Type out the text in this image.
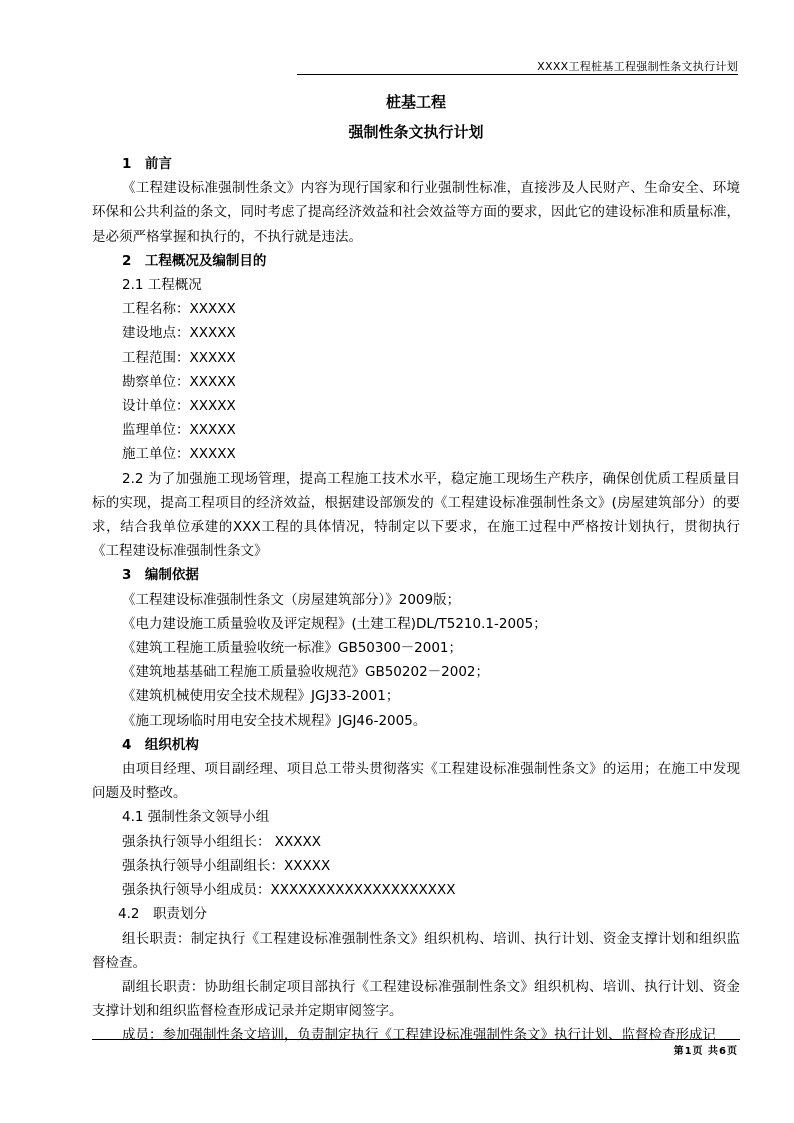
XXXX工程桩基工程强制性条文执行计划
桩基工程
强制性条文执行计划
1　前言
《工程建设标准强制性条文》内容为现行国家和行业强制性标准，直接涉及人民财产、生命安全、环境环保和公共利益的条文，同时考虑了提高经济效益和社会效益等方面的要求，因此它的建设标准和质量标准，是必须严格掌握和执行的，不执行就是违法。
2　工程概况及编制目的
2.1 工程概况
工程名称：XXXXX
建设地点：XXXXX
工程范围：XXXXX
勘察单位：XXXXX
设计单位：XXXXX
监理单位：XXXXX
施工单位：XXXXX
2.2 为了加强施工现场管理，提高工程施工技术水平，稳定施工现场生产秩序，确保创优质工程质量目标的实现，提高工程项目的经济效益，根据建设部颁发的《工程建设标准强制性条文》(房屋建筑部分）的要求，结合我单位承建的XXX工程的具体情况，特制定以下要求，在施工过程中严格按计划执行，贯彻执行《工程建设标准强制性条文》
3　编制依据
《工程建设标准强制性条文（房屋建筑部分）》2009版；
《电力建设施工质量验收及评定规程》(土建工程)DL/T5210.1-2005；
《建筑工程施工质量验收统一标准》GB50300－2001；
《建筑地基基础工程施工质量验收规范》GB50202－2002；
《建筑机械使用安全技术规程》JGJ33-2001；
《施工现场临时用电安全技术规程》JGJ46-2005。
4　组织机构
由项目经理、项目副经理、项目总工带头贯彻落实《工程建设标准强制性条文》的运用；在施工中发现问题及时整改。
4.1 强制性条文领导小组
强条执行领导小组组长： XXXXX
强条执行领导小组副组长：XXXXX
强条执行领导小组成员：XXXXXXXXXXXXXXXXXXXX
4.2　职责划分
组长职责：制定执行《工程建设标准强制性条文》组织机构、培训、执行计划、资金支撑计划和组织监督检查。
副组长职责：协助组长制定项目部执行《工程建设标准强制性条文》组织机构、培训、执行计划、资金支撑计划和组织监督检查形成记录并定期审阅签字。
成员：参加强制性条文培训，负责制定执行《工程建设标准强制性条文》执行计划、监督检查形成记
第1页 共6页
